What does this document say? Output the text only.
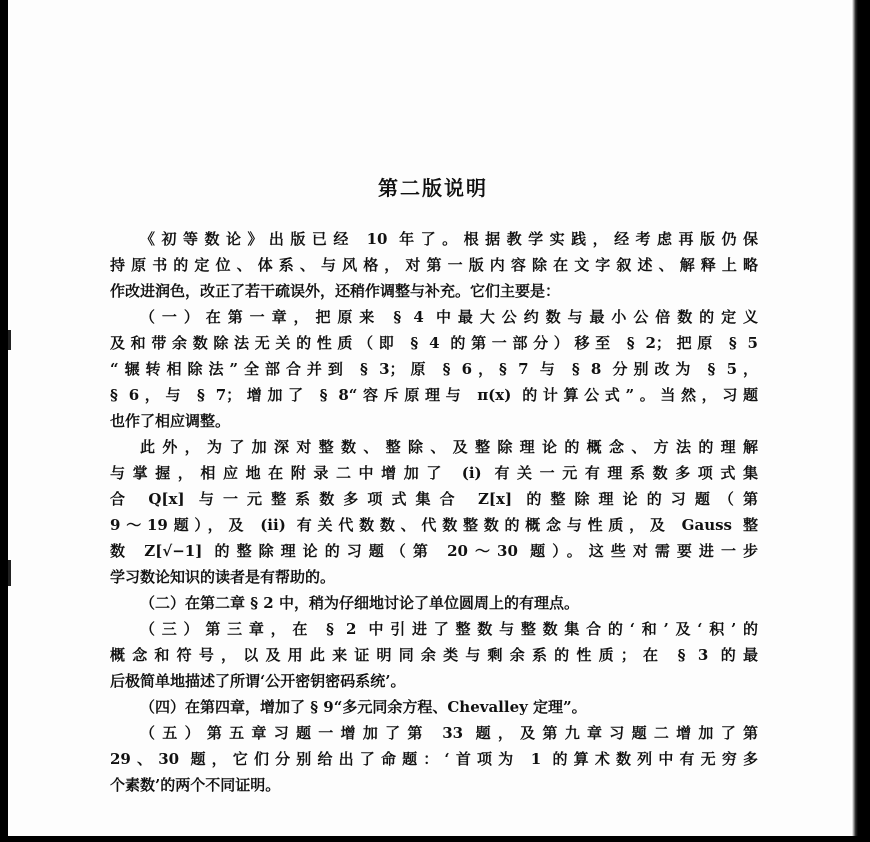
第二版说明
《初等数论》出版已经 10 年了。根据教学实践，经考虑再版仍保
持原书的定位、体系、与风格，对第一版内容除在文字叙述、解释上略
作改进润色，改正了若干疏误外，还稍作调整与补充。它们主要是：
（一）在第一章，把原来 § 4 中最大公约数与最小公倍数的定义
及和带余数除法无关的性质（即 § 4 的第一部分）移至 § 2；把原 § 5
“辗转相除法”全部合并到 § 3；原 § 6，§ 7 与 § 8 分别改为 § 5，
§ 6，与 § 7；增加了 § 8“容斥原理与 π(x) 的计算公式”。当然，习题
也作了相应调整。
此外，为了加深对整数、整除、及整除理论的概念、方法的理解
与掌握，相应地在附录二中增加了 (i) 有关一元有理系数多项式集
合 Q[x] 与一元整系数多项式集合 Z[x] 的整除理论的习题（第
9～19题），及 (ii) 有关代数数、代数整数的概念与性质，及 Gauss 整
数 Z[√−1] 的整除理论的习题（第 20～30 题）。这些对需要进一步
学习数论知识的读者是有帮助的。
（二）在第二章 § 2 中，稍为仔细地讨论了单位圆周上的有理点。
（三）第三章，在 § 2 中引进了整数与整数集合的‘和’及‘积’的
概念和符号，以及用此来证明同余类与剩余系的性质；在 § 3 的最
后极简单地描述了所谓‘公开密钥密码系统’。
（四）在第四章，增加了 § 9“多元同余方程、Chevalley 定理”。
（五）第五章习题一增加了第 33 题，及第九章习题二增加了第
29、30 题，它们分别给出了命题：‘首项为 1 的算术数列中有无穷多
个素数’的两个不同证明。
